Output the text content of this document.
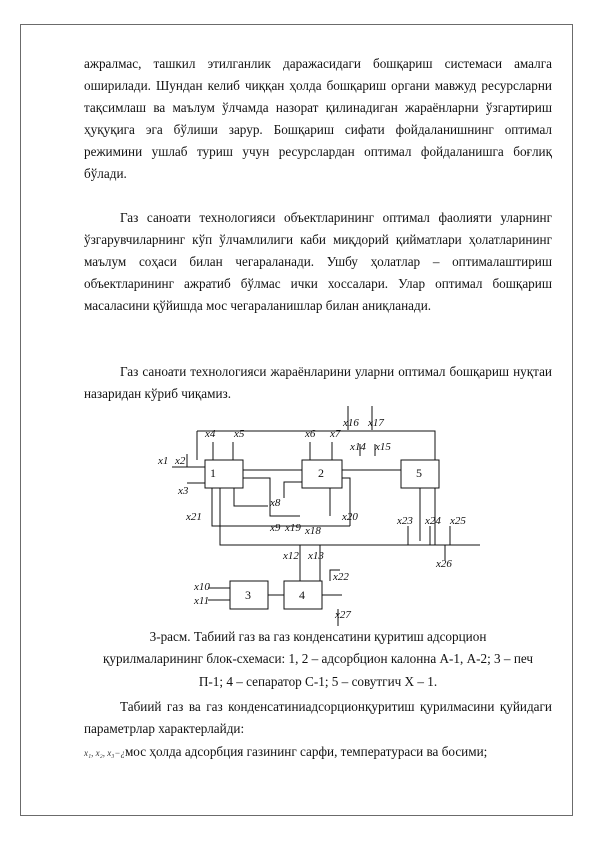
ажралмас, ташкил этилганлик даражасидаги бошқариш системаси амалга оширилади. Шундан келиб чиққан ҳолда бошқариш органи мавжуд ресурсларни тақсимлаш ва маълум ўлчамда назорат қилинадиган жараёнларни ўзгартириш ҳуқуқига эга бўлиши зарур. Бошқариш сифати фойдаланишнинг оптимал режимини ушлаб туриш учун ресурслардан оптимал фойдаланишга боғлиқ бўлади.

Газ саноати технологияси объектларининг оптимал фаолияти уларнинг ўзгарувчиларнинг кўп ўлчамлилиги каби миқдорий қийматлари ҳолатларининг маълум соҳаси билан чегараланади. Ушбу ҳолатлар – оптималаштириш объектларининг ажратиб бўлмас ички хоссалари. Улар оптимал бошқариш масаласини қўйишда мос чегараланишлар билан аниқланади.

Газ саноати технологияси жараёнларини уларни оптимал бошқариш нуқтаи назаридан кўриб чиқамиз.

1	2	5
3	4
x1 x2
x3
x4 x5	x6 x7
x8
x9
x10
x11
x12 x13
x14 x15
x16 x17
x18
x19
x20
x21
x22
x23 x24 x25
x26
x27

3-расм. Табиий газ ва газ конденсатини қуритиш адсорцион

қурилмаларининг блок-схемаси: 1, 2 – адсорбцион калонна А-1, А-2; 3 – печ

П-1; 4 – сепаратор С-1; 5 – совутгич Х – 1.

Табиий газ ва газ конденсатиниадсорционқуритиш қурилмасини қуйидаги параметрлар характерлайди:

x₁, x₂, x₃−¿мос ҳолда адсорбция газининг сарфи, температураси ва босими;
